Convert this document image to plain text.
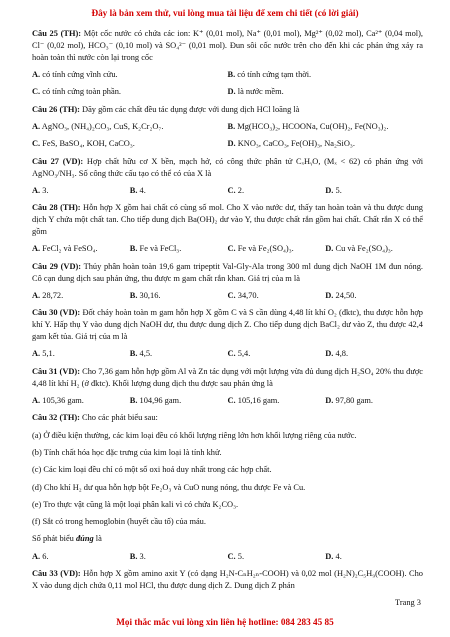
Đây là bản xem thử, vui lòng mua tài liệu để xem chi tiết (có lời giải)

Câu 25 (TH): Một cốc nước có chứa các ion: K⁺ (0,01 mol), Na⁺ (0,01 mol), Mg²⁺ (0,02 mol), Ca²⁺ (0,04 mol), Cl⁻ (0,02 mol), HCO₃⁻ (0,10 mol) và SO₄²⁻ (0,01 mol). Đun sôi cốc nước trên cho đến khi các phản ứng xảy ra hoàn toàn thì nước còn lại trong cốc

A. có tính cứng vĩnh cửu.	B. có tính cứng tạm thời.
C. có tính cứng toàn phần.	D. là nước mềm.

Câu 26 (TH): Dãy gồm các chất đều tác dụng được với dung dịch HCl loãng là

A. AgNO₃, (NH₄)₂CO₃, CuS, K₂Cr₂O₇.	B. Mg(HCO₃)₂, HCOONa, Cu(OH)₂, Fe(NO₃)₂.
C. FeS, BaSO₄, KOH, CaCO₃.	D. KNO₃, CaCO₃, Fe(OH)₃, Na₂SiO₃.

Câu 27 (VD): Hợp chất hữu cơ X bền, mạch hở, có công thức phân tử CₓHᵧO, (Mₓ < 62) có phản ứng với AgNO₃/NH₃. Số công thức cấu tạo có thể có của X là

A. 3.	B. 4.	C. 2.	D. 5.

Câu 28 (TH): Hỗn hợp X gồm hai chất có cùng số mol. Cho X vào nước dư, thấy tan hoàn toàn và thu được dung dịch Y chứa một chất tan. Cho tiếp dung dịch Ba(OH)₂ dư vào Y, thu được chất rắn gồm hai chất. Chất rắn X có thể gồm

A. FeCl₂ và FeSO₄.	B. Fe và FeCl₃.	C. Fe và Fe₂(SO₄)₃.	D. Cu và Fe₂(SO₄)₃.

Câu 29 (VD): Thủy phân hoàn toàn 19,6 gam tripeptit Val-Gly-Ala trong 300 ml dung dịch NaOH 1M đun nóng. Cô cạn dung dịch sau phản ứng, thu được m gam chất rắn khan. Giá trị của m là

A. 28,72.	B. 30,16.	C. 34,70.	D. 24,50.

Câu 30 (VD): Đốt cháy hoàn toàn m gam hỗn hợp X gồm C và S cần dùng 4,48 lít khí O₂ (đktc), thu được hỗn hợp khí Y. Hấp thụ Y vào dung dịch NaOH dư, thu được dung dịch Z. Cho tiếp dung dịch BaCl₂ dư vào Z, thu được 42,4 gam kết tủa. Giá trị của m là

A. 5,1.	B. 4,5.	C. 5,4.	D. 4,8.

Câu 31 (VD): Cho 7,36 gam hỗn hợp gồm Al và Zn tác dụng với một lượng vừa đủ dung dịch H₂SO₄ 20% thu được 4,48 lít khí H₂ (ở đktc). Khối lượng dung dịch thu được sau phản ứng là

A. 105,36 gam.	B. 104,96 gam.	C. 105,16 gam.	D. 97,80 gam.

Câu 32 (TH): Cho các phát biểu sau:

(a) Ở điều kiện thường, các kim loại đều có khối lượng riêng lớn hơn khối lượng riêng của nước.

(b) Tính chất hóa học đặc trưng của kim loại là tính khử.

(c) Các kim loại đều chỉ có một số oxi hoá duy nhất trong các hợp chất.

(d) Cho khí H₂ dư qua hỗn hợp bột Fe₂O₃ và CuO nung nóng, thu được Fe và Cu.

(e) Tro thực vật cũng là một loại phân kali vì có chứa K₂CO₃.

(f) Sắt có trong hemoglobin (huyết cầu tố) của máu.

Số phát biểu đúng là

A. 6.	B. 3.	C. 5.	D. 4.

Câu 33 (VD): Hỗn hợp X gồm amino axit Y (có dạng H₂N-CₙH₂ₙ-COOH) và 0,02 mol (H₂N)₂C₅H₉(COOH). Cho X vào dung dịch chứa 0,11 mol HCl, thu được dung dịch Z. Dung dịch Z phản

Trang 3
Mọi thắc mắc vui lòng xin liên hệ hotline: 084 283 45 85
